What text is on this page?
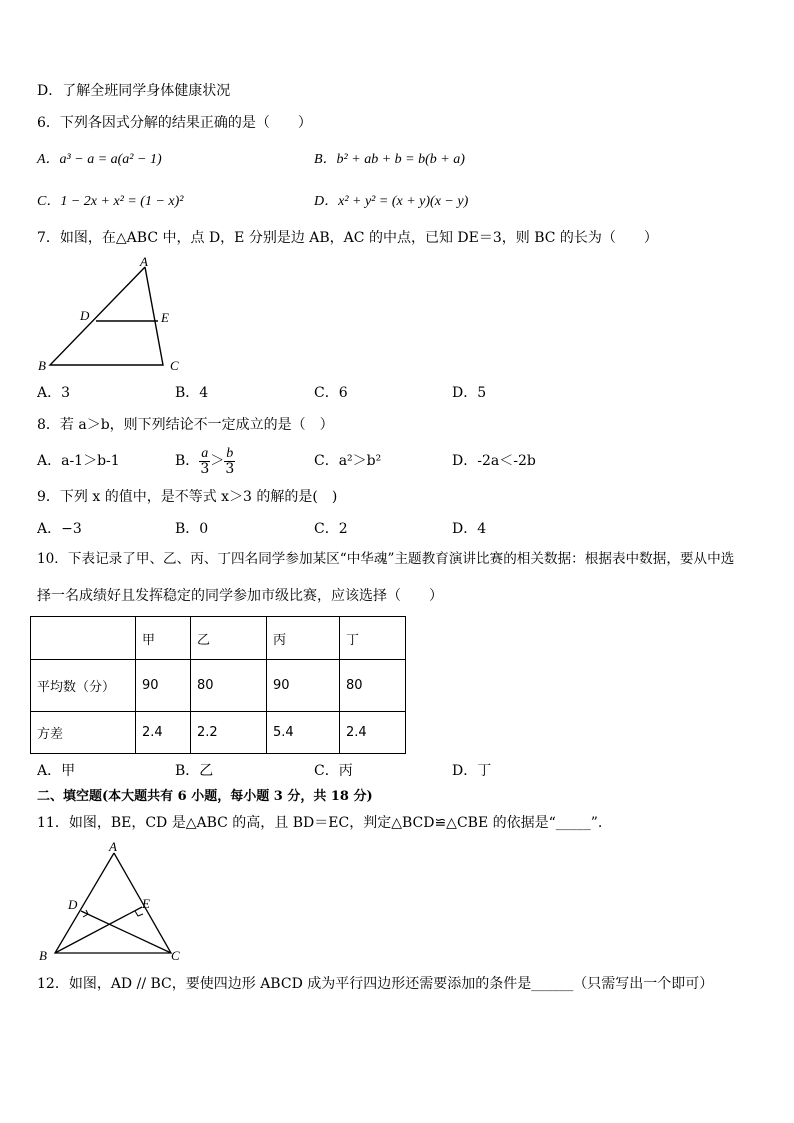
D．了解全班同学身体健康状况
6．下列各因式分解的结果正确的是（　　）
A．a³ − a = a(a² − 1)	B．b² + ab + b = b(b + a)
C．1 − 2x + x² = (1 − x)²	D．x² + y² = (x + y)(x − y)
7．如图，在△ABC 中，点 D，E 分别是边 AB，AC 的中点，已知 DE＝3，则 BC 的长为（　　）
A
B	C
D	E
A．3	B．4	C．6	D．5
8．若 a＞b，则下列结论不一定成立的是（　）
A．a-1＞b-1	B． $\frac{a}{3} > \frac{b}{3}$	C．a²＞b²	D．-2a＜-2b
9．下列 x 的值中，是不等式 x＞3 的解的是(　)
A．−3	B．0	C．2	D．4
10．下表记录了甲、乙、丙、丁四名同学参加某区“中华魂”主题教育演讲比赛的相关数据：根据表中数据，要从中选
择一名成绩好且发挥稳定的同学参加市级比赛，应该选择（　　）
	甲	乙	丙	丁
平均数（分）	90	80	90	80
方差	2.4	2.2	5.4	2.4
A．甲	B．乙	C．丙	D．丁
二、填空题(本大题共有 6 小题，每小题 3 分，共 18 分)
11．如图，BE，CD 是△ABC 的高，且 BD＝EC，判定△BCD≌△CBE 的依据是“_____”.
A
B	C
D	E
12．如图，AD // BC，要使四边形 ABCD 成为平行四边形还需要添加的条件是______（只需写出一个即可）
